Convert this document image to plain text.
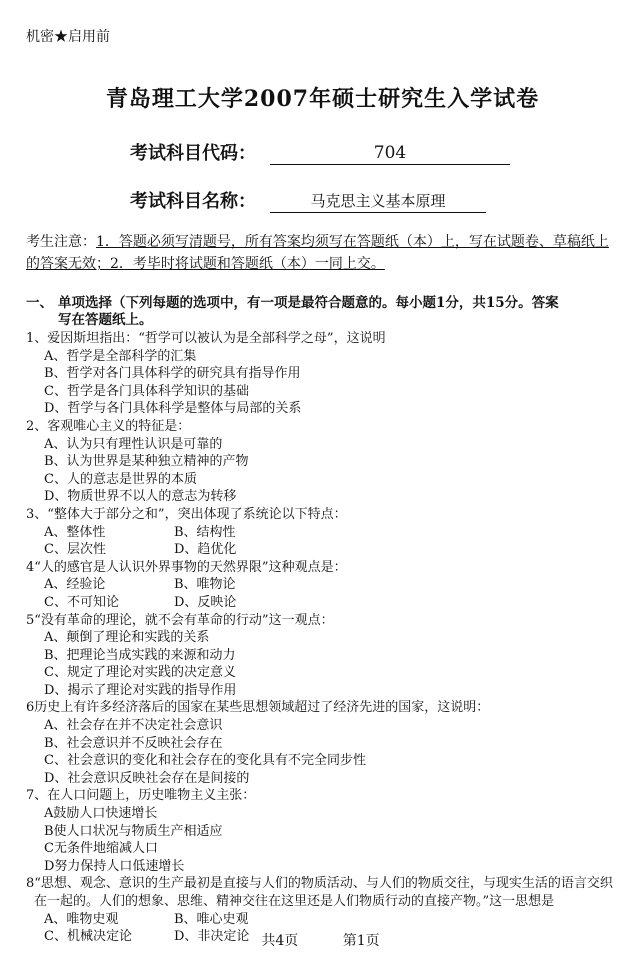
机密★启用前
青岛理工大学2007年硕士研究生入学试卷
考试科目代码：	704
考试科目名称：	马克思主义基本原理
考生注意：1．答题必须写清题号，所有答案均须写在答题纸（本）上，写在试题卷、草稿纸上的答案无效；2．考毕时将试题和答题纸（本）一同上交。
一、 单项选择（下列每题的选项中，有一项是最符合题意的。每小题1分，共15分。答案
写在答题纸上。
1、爱因斯坦指出：“哲学可以被认为是全部科学之母”，这说明
A、哲学是全部科学的汇集
B、哲学对各门具体科学的研究具有指导作用
C、哲学是各门具体科学知识的基础
D、哲学与各门具体科学是整体与局部的关系
2、客观唯心主义的特征是：
A、认为只有理性认识是可靠的
B、认为世界是某种独立精神的产物
C、人的意志是世界的本质
D、物质世界不以人的意志为转移
3、“整体大于部分之和”，突出体现了系统论以下特点：
A、整体性	B、结构性
C、层次性	D、趋优化
4“人的感官是人认识外界事物的天然界限”这种观点是：
A、经验论	B、唯物论
C、不可知论	D、反映论
5“没有革命的理论，就不会有革命的行动”这一观点：
A、颠倒了理论和实践的关系
B、把理论当成实践的来源和动力
C、规定了理论对实践的决定意义
D、揭示了理论对实践的指导作用
6历史上有许多经济落后的国家在某些思想领域超过了经济先进的国家，这说明：
A、社会存在并不决定社会意识
B、社会意识并不反映社会存在
C、社会意识的变化和社会存在的变化具有不完全同步性
D、社会意识反映社会存在是间接的
7、在人口问题上，历史唯物主义主张：
A鼓励人口快速增长
B使人口状况与物质生产相适应
C无条件地缩减人口
D努力保持人口低速增长
8“思想、观念、意识的生产最初是直接与人们的物质活动、与人们的物质交往，与现实生活的语言交织在一起的。人们的想象、思维、精神交往在这里还是人们物质行动的直接产物。”这一思想是
A、唯物史观	B、唯心史观
C、机械决定论	D、非决定论 共4页	第1页
